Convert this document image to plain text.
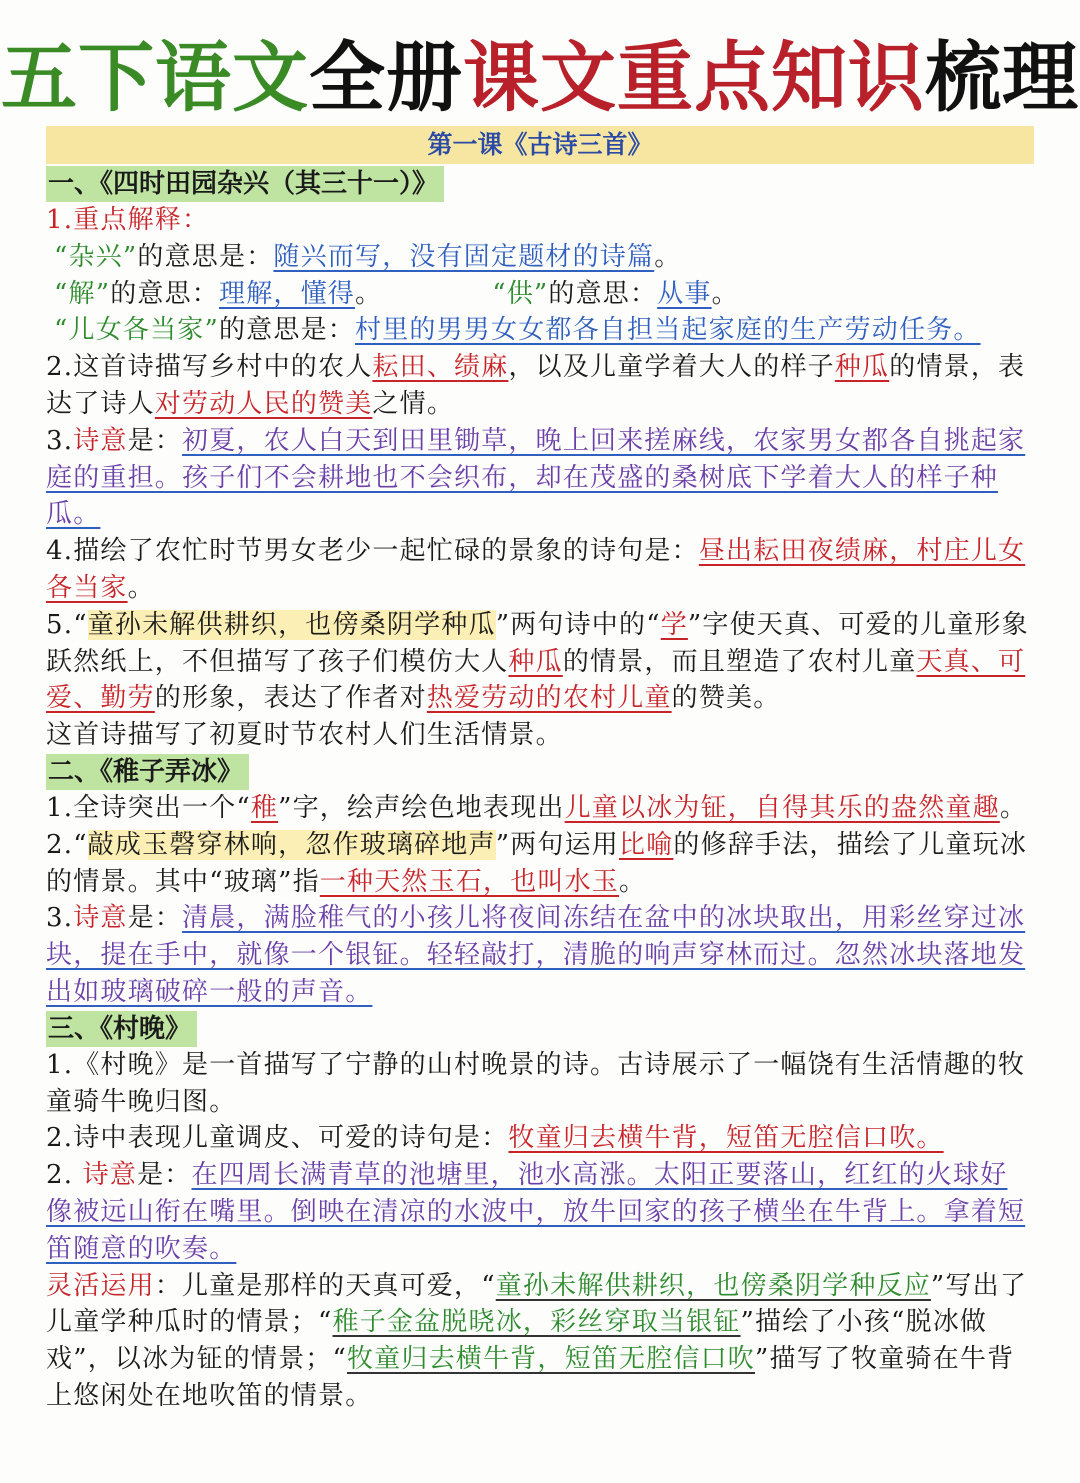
五下语文全册课文重点知识梳理
第一课《古诗三首》
一、《四时田园杂兴（其三十一）》

1.重点解释：

“杂兴”的意思是：随兴而写，没有固定题材的诗篇。

“解”的意思：理解，懂得。	“供”的意思：从事。

“儿女各当家”的意思是：村里的男男女女都各自担当起家庭的生产劳动任务。

2.这首诗描写乡村中的农人耘田、绩麻，以及儿童学着大人的样子种瓜的情景，表达了诗人对劳动人民的赞美之情。

3.诗意是：初夏，农人白天到田里锄草，晚上回来搓麻线，农家男女都各自挑起家庭的重担。孩子们不会耕地也不会织布，却在茂盛的桑树底下学着大人的样子种瓜。

4.描绘了农忙时节男女老少一起忙碌的景象的诗句是：昼出耘田夜绩麻，村庄儿女各当家。

5.“童孙未解供耕织，也傍桑阴学种瓜”两句诗中的“学”字使天真、可爱的儿童形象跃然纸上，不但描写了孩子们模仿大人种瓜的情景，而且塑造了农村儿童天真、可爱、勤劳的形象，表达了作者对热爱劳动的农村儿童的赞美。

这首诗描写了初夏时节农村人们生活情景。

二、《稚子弄冰》

1.全诗突出一个“稚”字，绘声绘色地表现出儿童以冰为钲，自得其乐的盎然童趣。

2.“敲成玉磬穿林响，忽作玻璃碎地声”两句运用比喻的修辞手法，描绘了儿童玩冰的情景。其中“玻璃”指一种天然玉石，也叫水玉。

3.诗意是：清晨，满脸稚气的小孩儿将夜间冻结在盆中的冰块取出，用彩丝穿过冰块，提在手中，就像一个银钲。轻轻敲打，清脆的响声穿林而过。忽然冰块落地发出如玻璃破碎一般的声音。

三、《村晚》

1.《村晚》是一首描写了宁静的山村晚景的诗。古诗展示了一幅饶有生活情趣的牧童骑牛晚归图。

2.诗中表现儿童调皮、可爱的诗句是：牧童归去横牛背，短笛无腔信口吹。

2. 诗意是：在四周长满青草的池塘里，池水高涨。太阳正要落山，红红的火球好像被远山衔在嘴里。倒映在清凉的水波中，放牛回家的孩子横坐在牛背上。拿着短笛随意的吹奏。

灵活运用：儿童是那样的天真可爱，“童孙未解供耕织，也傍桑阴学种反应”写出了儿童学种瓜时的情景；“稚子金盆脱晓冰，彩丝穿取当银钲”描绘了小孩“脱冰做戏”，以冰为钲的情景；“牧童归去横牛背，短笛无腔信口吹”描写了牧童骑在牛背上悠闲处在地吹笛的情景。
